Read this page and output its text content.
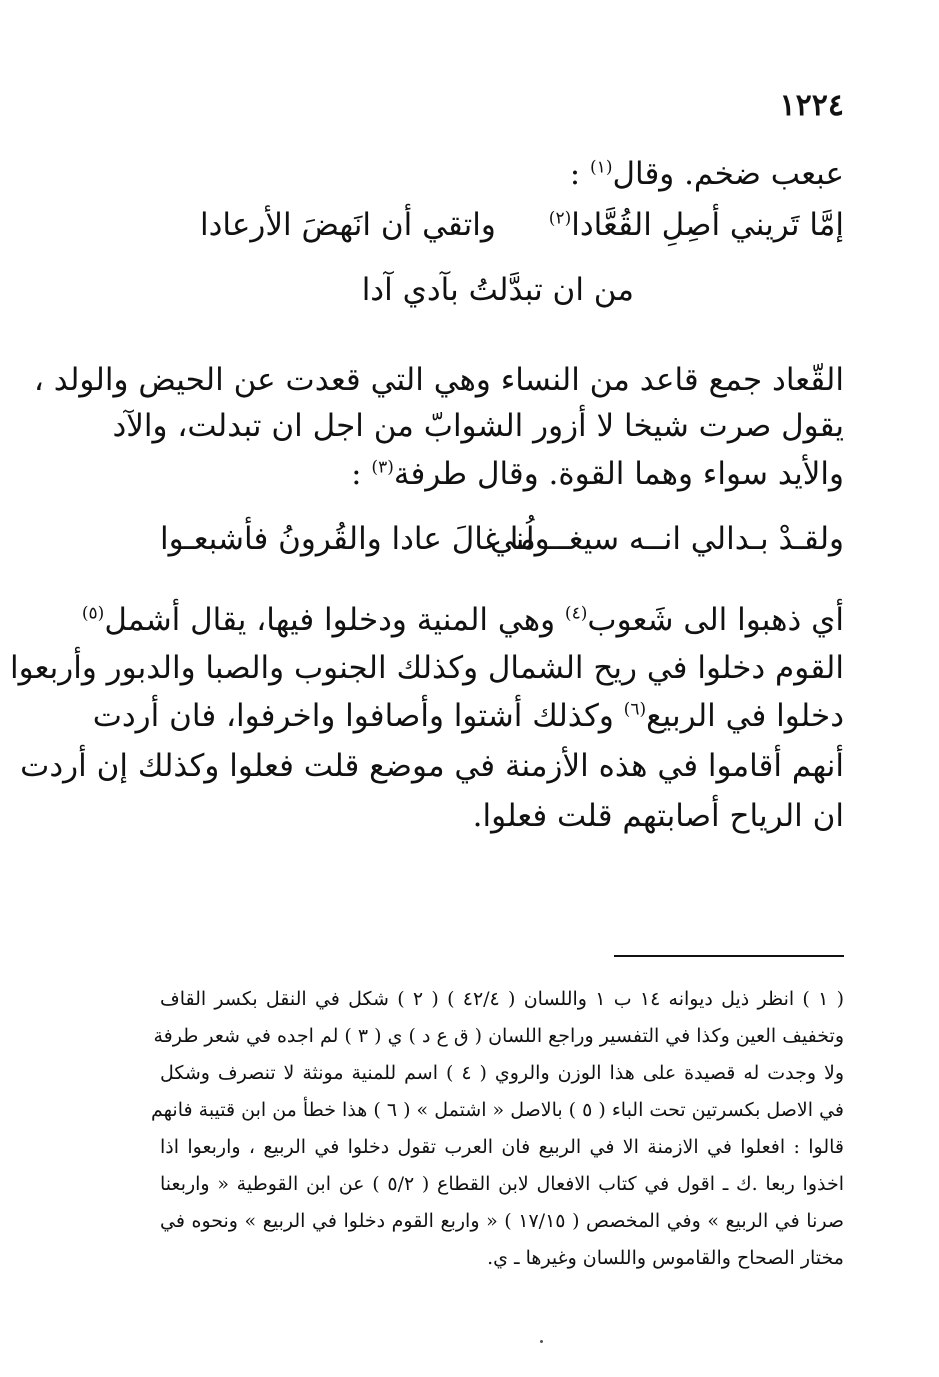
١٢٢٤
عبعب ضخم. وقال$^{(١)}$ :
إمَّا تَريني أصِلِ القُعَّادا$^{(٢)}$
واتقي أن انَهضَ الأرعادا
من ان تبدَّلتُ بآدي آدا
القّعاد جمع قاعد من النساء وهي التي قعدت عن الحيض والولد ،
يقول صرت شيخا لا أزور الشوابّ من اجل ان تبدلت، والآد
والأيد سواء وهما القوة. وقال طرفة$^{(٣)}$ :
ولقـدْ بـدالي انــه سيغــولُني
ما غالَ عادا والقُرونُ فأشبعـوا
أي ذهبوا الى شَعوب$^{(٤)}$ وهي المنية ودخلوا فيها، يقال أشمل$^{(٥)}$
القوم دخلوا في ريح الشمال وكذلك الجنوب والصبا والدبور وأربعوا
دخلوا في الربيع$^{(٦)}$ وكذلك أشتوا وأصافوا واخرفوا، فان أردت
أنهم أقاموا في هذه الأزمنة في موضع قلت فعلوا وكذلك إن أردت
ان الرياح أصابتهم قلت فعلوا.
( ١ ) انظر ذيل ديوانه ١٤ ب ١ واللسان ( ٤٢/٤ ) ( ٢ ) شكل في النقل بكسر القاف
وتخفيف العين وكذا في التفسير وراجع اللسان ( ق ع د ) ي ( ٣ ) لم اجده في شعر طرفة
ولا وجدت له قصيدة على هذا الوزن والروي ( ٤ ) اسم للمنية مونثة لا تنصرف وشكل
في الاصل بكسرتين تحت الباء ( ٥ ) بالاصل « اشتمل » ( ٦ ) هذا خطأ من ابن قتيبة فانهم
قالوا : افعلوا في الازمنة الا في الربيع فان العرب تقول دخلوا في الربيع ، واربعوا اذا
اخذوا ربعا .ك ـ اقول في كتاب الافعال لابن القطاع ( ٥/٢ ) عن ابن القوطية « واربعنا
صرنا في الربيع » وفي المخصص ( ١٧/١٥ ) « واربع القوم دخلوا في الربيع » ونحوه في
مختار الصحاح والقاموس واللسان وغيرها ـ ي.
